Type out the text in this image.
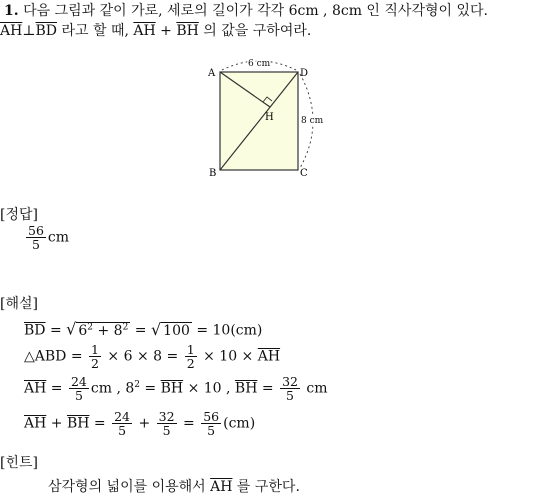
1. 다음 그림과 같이 가로, 세로의 길이가 각각 6cm , 8cm 인 직사각형이 있다.
$\overline{AH}\perp\overline{BD}$ 라고 할 때, $\overline{AH} + \overline{BH}$ 의 값을 구하여라.
A	D
B	C
H
6 cm
8 cm
[정답]
$\frac{56}{5}$ cm
[해설]
$\overline{BD}$ = √ $6^2 + 8^2$ = √ 100 = 10(cm)
△ABD = $\frac{1}{2} \times 6 \times 8 = \frac{1}{2} \times 10 \times \overline{AH}$
$\overline{AH} = \frac{24}{5}$ cm , $8^2 = \overline{BH} \times 10$ , $\overline{BH} = \frac{32}{5}$ cm
$\overline{AH} + \overline{BH} = \frac{24}{5} + \frac{32}{5} = \frac{56}{5} (cm)$
[힌트]
삼각형의 넓이를 이용해서 $\overline{AH}$ 를 구한다.
